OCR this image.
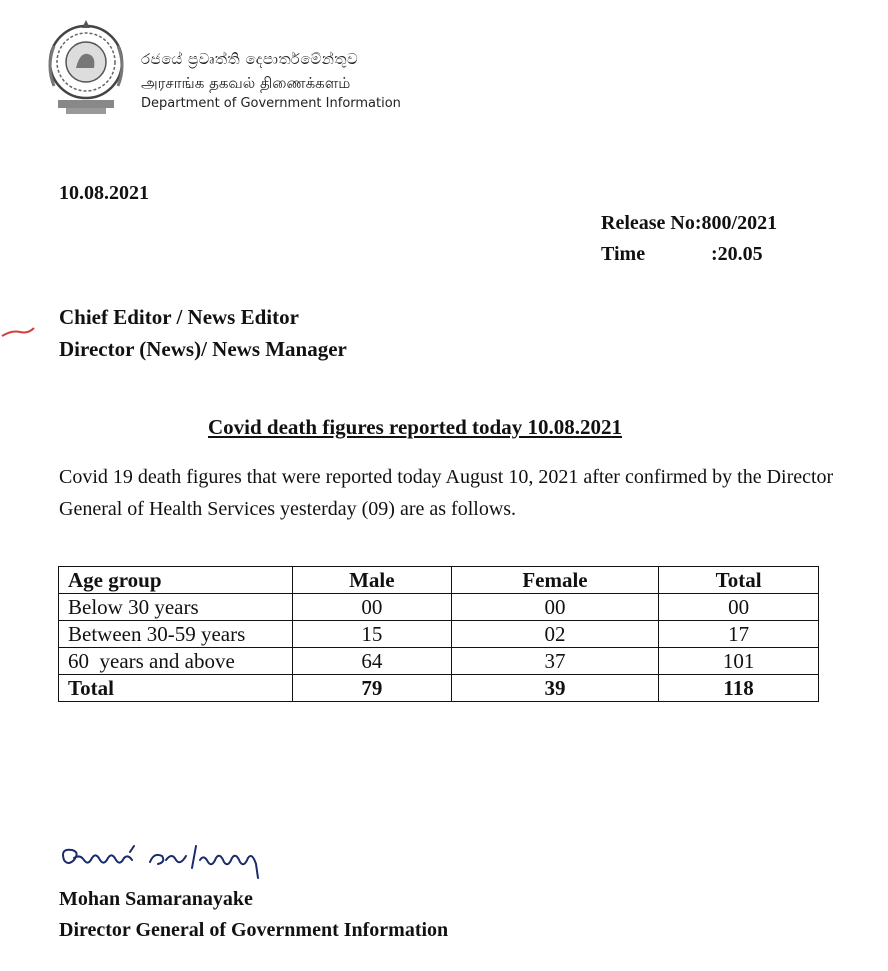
රජයේ ප්‍රවෘත්ති දෙපාර්තමේන්තුව
அரசாங்க தகவல் திணைக்களம்
Department of Government Information
10.08.2021
Release No:800/2021
Time	:20.05
Chief Editor / News Editor
Director (News)/ News Manager
Covid death figures reported today 10.08.2021
Covid 19 death figures that were reported today August 10, 2021 after confirmed by the Director General of Health Services yesterday (09) are as follows.
Age group	Male	Female	Total
Below 30 years	00	00	00
Between 30-59 years	15	02	17
60  years and above	64	37	101
Total	79	39	118
Mohan Samaranayake
Director General of Government Information
